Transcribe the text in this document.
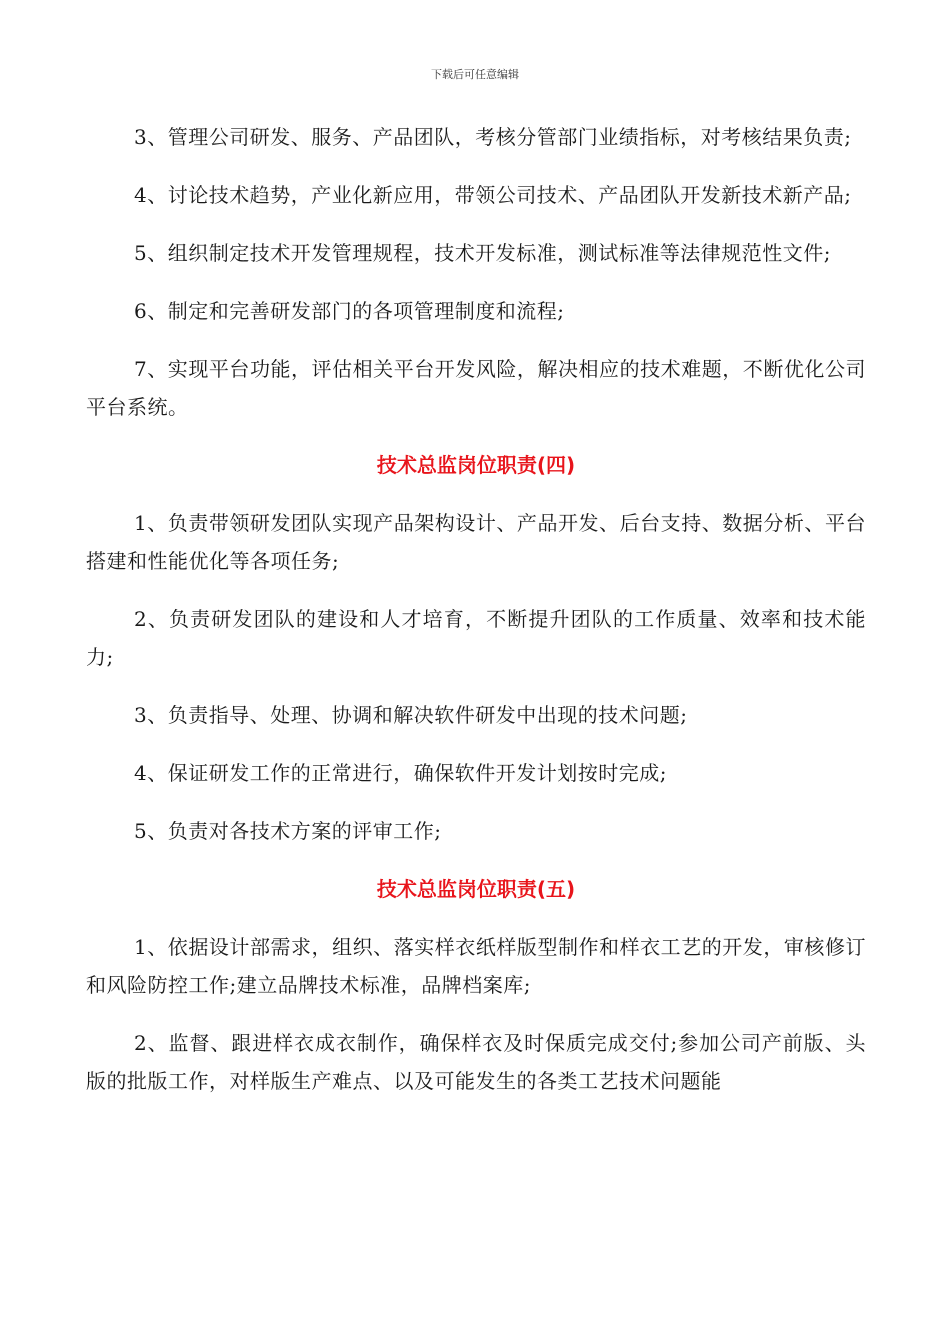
下载后可任意编辑

3、管理公司研发、服务、产品团队，考核分管部门业绩指标，对考核结果负责;

4、讨论技术趋势，产业化新应用，带领公司技术、产品团队开发新技术新产品;

5、组织制定技术开发管理规程，技术开发标准，测试标准等法律规范性文件;

6、制定和完善研发部门的各项管理制度和流程;

7、实现平台功能，评估相关平台开发风险，解决相应的技术难题，不断优化公司平台系统。

技术总监岗位职责(四)

1、负责带领研发团队实现产品架构设计、产品开发、后台支持、数据分析、平台搭建和性能优化等各项任务;

2、负责研发团队的建设和人才培育，不断提升团队的工作质量、效率和技术能力;

3、负责指导、处理、协调和解决软件研发中出现的技术问题;

4、保证研发工作的正常进行，确保软件开发计划按时完成;

5、负责对各技术方案的评审工作;

技术总监岗位职责(五)

1、依据设计部需求，组织、落实样衣纸样版型制作和样衣工艺的开发，审核修订和风险防控工作;建立品牌技术标准，品牌档案库;

2、监督、跟进样衣成衣制作，确保样衣及时保质完成交付;参加公司产前版、头版的批版工作，对样版生产难点、以及可能发生的各类工艺技术问题能
